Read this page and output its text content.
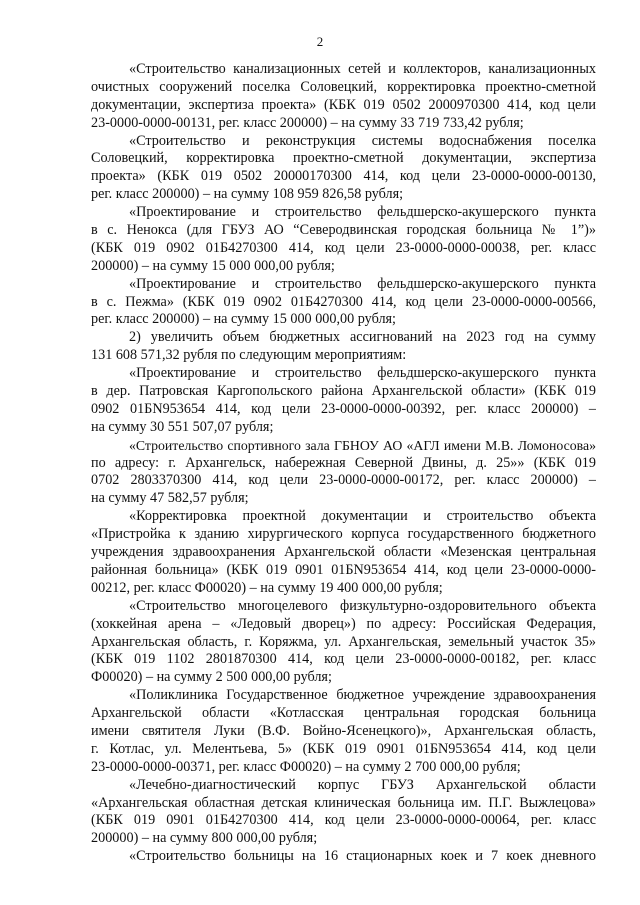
2

«Строительство канализационных сетей и коллекторов, канализационных
очистных сооружений поселка Соловецкий, корректировка проектно-сметной
документации, экспертиза проекта» (КБК 019 0502 2000970300 414, код цели
23-0000-0000-00131, рег. класс 200000) – на сумму 33 719 733,42 рубля;
«Строительство и реконструкция системы водоснабжения поселка
Соловецкий, корректировка проектно-сметной документации, экспертиза
проекта» (КБК 019 0502 20000170300 414, код цели 23-0000-0000-00130,
рег. класс 200000) – на сумму 108 959 826,58 рубля;
«Проектирование и строительство фельдшерско-акушерского пункта
в с. Ненокса (для ГБУЗ АО “Северодвинская городская больница № 1”)»
(КБК 019 0902 01Б4270300 414, код цели 23-0000-0000-00038, рег. класс
200000) – на сумму 15 000 000,00 рубля;
«Проектирование и строительство фельдшерско-акушерского пункта
в с. Пежма» (КБК 019 0902 01Б4270300 414, код цели 23-0000-0000-00566,
рег. класс 200000) – на сумму 15 000 000,00 рубля;
2) увеличить объем бюджетных ассигнований на 2023 год на сумму
131 608 571,32 рубля по следующим мероприятиям:
«Проектирование и строительство фельдшерско-акушерского пункта
в дер. Патровская Каргопольского района Архангельской области» (КБК 019
0902 01БN953654 414, код цели 23-0000-0000-00392, рег. класс 200000) –
на сумму 30 551 507,07 рубля;
«Строительство спортивного зала ГБНОУ АО «АГЛ имени М.В. Ломоносова»
по адресу: г. Архангельск, набережная Северной Двины, д. 25»» (КБК 019
0702 2803370300 414, код цели 23-0000-0000-00172, рег. класс 200000) –
на сумму 47 582,57 рубля;
«Корректировка проектной документации и строительство объекта
«Пристройка к зданию хирургического корпуса государственного бюджетного
учреждения здравоохранения Архангельской области «Мезенская центральная
районная больница» (КБК 019 0901 01БN953654 414, код цели 23-0000-0000-
00212, рег. класс Ф00020) – на сумму 19 400 000,00 рубля;
«Строительство многоцелевого физкультурно-оздоровительного объекта
(хоккейная арена – «Ледовый дворец») по адресу: Российская Федерация,
Архангельская область, г. Коряжма, ул. Архангельская, земельный участок 35»
(КБК 019 1102 2801870300 414, код цели 23-0000-0000-00182, рег. класс
Ф00020) – на сумму 2 500 000,00 рубля;
«Поликлиника Государственное бюджетное учреждение здравоохранения
Архангельской области «Котласская центральная городская больница
имени святителя Луки (В.Ф. Войно-Ясенецкого)», Архангельская область,
г. Котлас, ул. Мелентьева, 5» (КБК 019 0901 01БN953654 414, код цели
23-0000-0000-00371, рег. класс Ф00020) – на сумму 2 700 000,00 рубля;
«Лечебно-диагностический корпус ГБУЗ Архангельской области
«Архангельская областная детская клиническая больница им. П.Г. Выжлецова»
(КБК 019 0901 01Б4270300 414, код цели 23-0000-0000-00064, рег. класс
200000) – на сумму 800 000,00 рубля;
«Строительство больницы на 16 стационарных коек и 7 коек дневного
